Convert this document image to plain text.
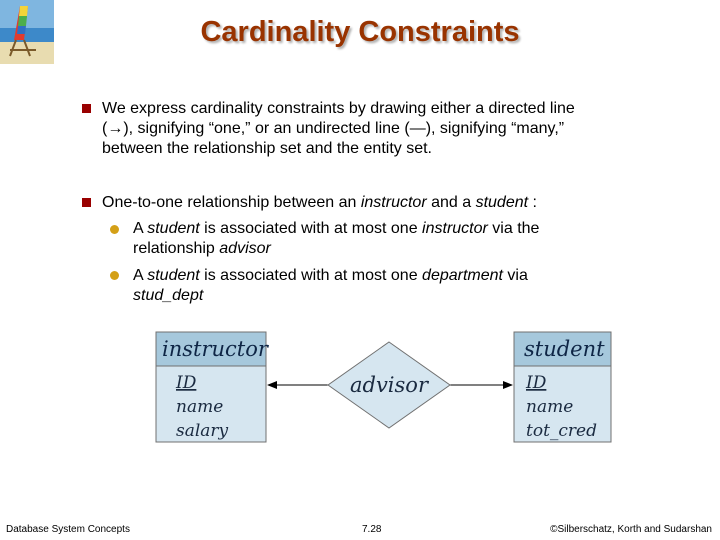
Cardinality Constraints
We express cardinality constraints by drawing either a directed line
(→), signifying “one,” or an undirected line (—), signifying “many,”
between the relationship set and the entity set.
One-to-one relationship between an instructor and a student :
A student is associated with at most one instructor via the
relationship advisor
A student is associated with at most one department via
stud_dept
instructor
ID
name
salary
advisor
student
ID
name
tot_cred
Database System Concepts	7.28	©Silberschatz, Korth and Sudarshan
